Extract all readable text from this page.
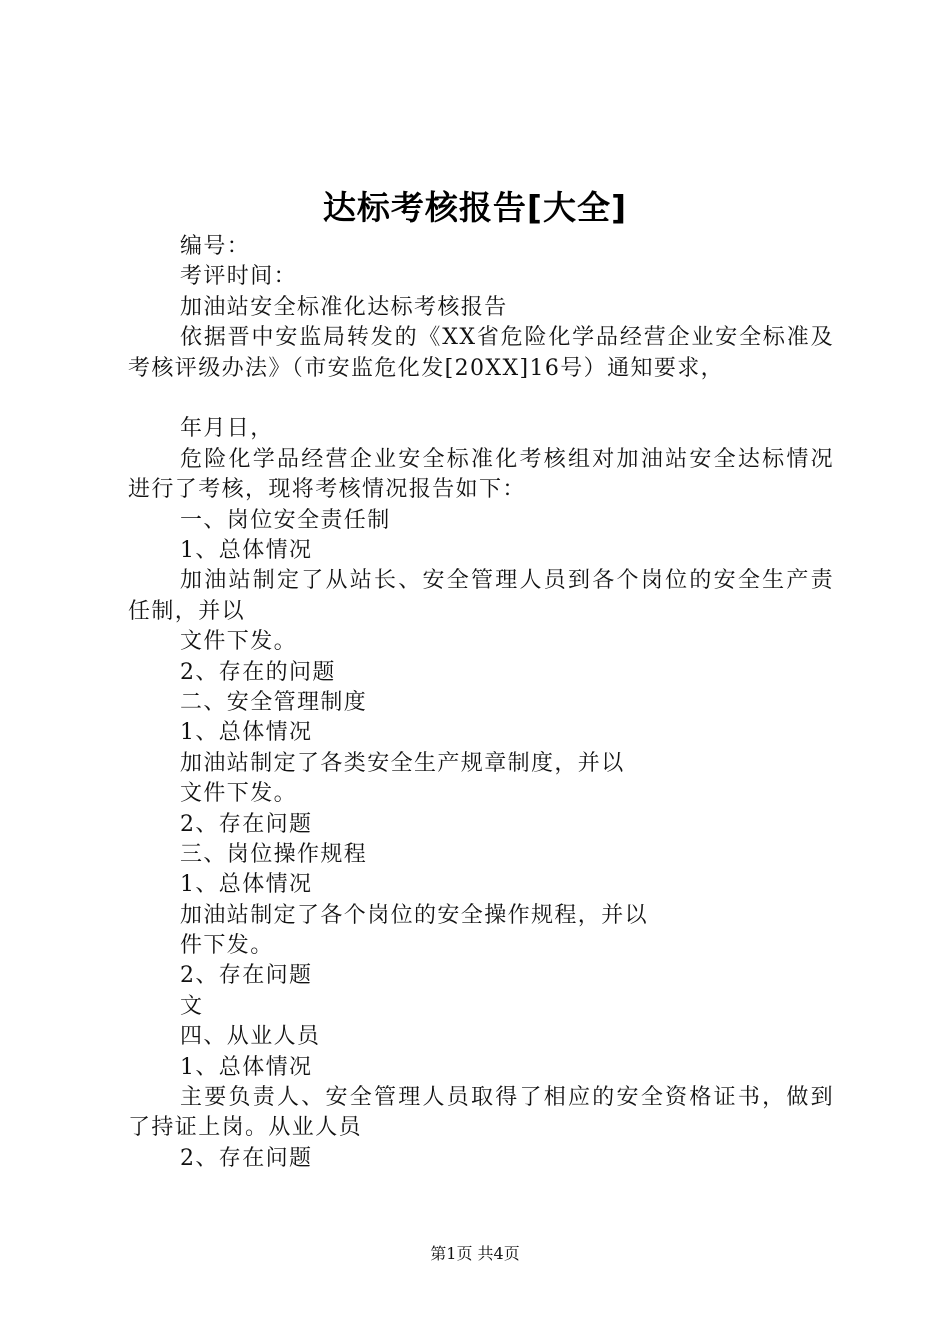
达标考核报告[大全]
编号：
考评时间：
加油站安全标准化达标考核报告
依据晋中安监局转发的《XX省危险化学品经营企业安全标准及考核评级办法》（市安监危化发[20XX]16号）通知要求，
年月日，
危险化学品经营企业安全标准化考核组对加油站安全达标情况进行了考核，现将考核情况报告如下：
一、岗位安全责任制
1、总体情况
加油站制定了从站长、安全管理人员到各个岗位的安全生产责任制，并以
文件下发。
2、存在的问题
二、安全管理制度
1、总体情况
加油站制定了各类安全生产规章制度，并以
文件下发。
2、存在问题
三、岗位操作规程
1、总体情况
加油站制定了各个岗位的安全操作规程，并以
件下发。
2、存在问题
文
四、从业人员
1、总体情况
主要负责人、安全管理人员取得了相应的安全资格证书，做到了持证上岗。从业人员
2、存在问题
第1页 共4页
